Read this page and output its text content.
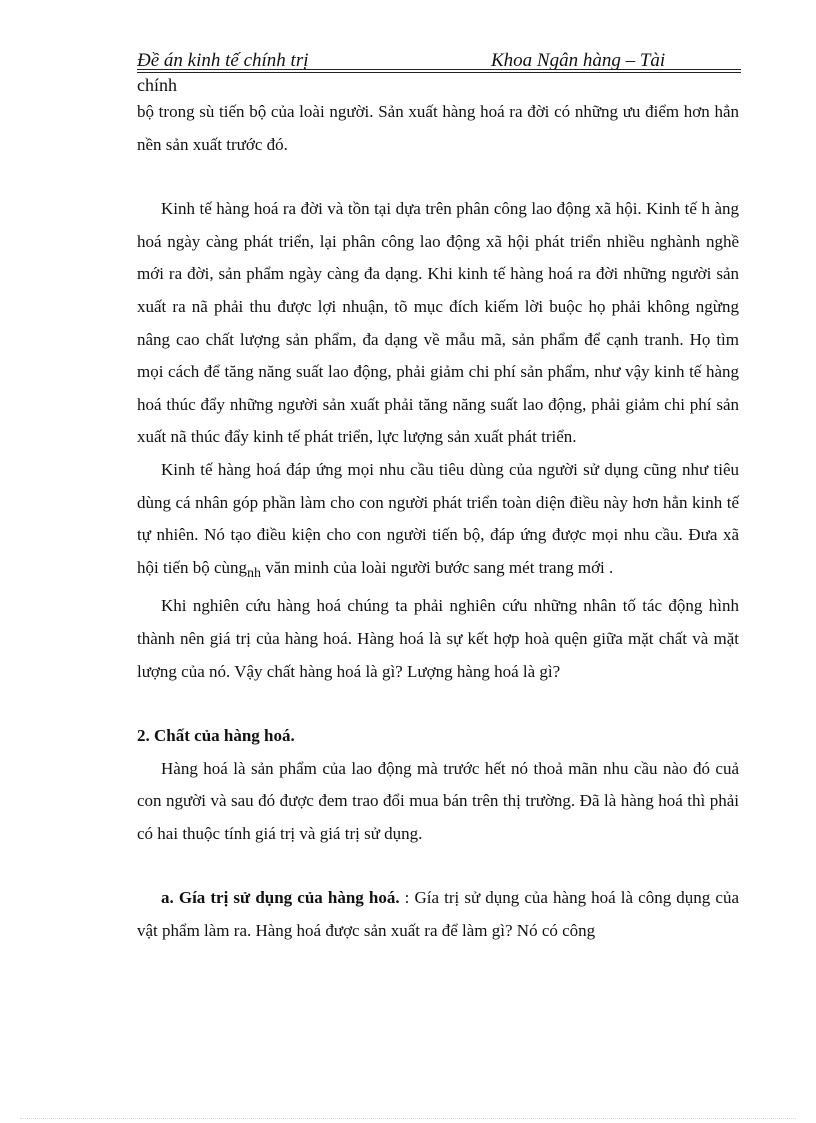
Đề án kinh tế chính trị	Khoa Ngân hàng – Tài
chính

bộ trong sù tiến bộ của loài người. Sản xuất hàng hoá ra đời có những ưu điểm hơn hẳn nền sản xuất trước đó.

Kinh tế hàng hoá ra đời và tồn tại dựa trên phân công lao động xã hội. Kinh tế h àng hoá ngày càng phát triển, lại phân công lao động xã hội phát triển nhiều nghành nghề mới ra đời, sản phẩm ngày càng đa dạng. Khi kinh tế hàng hoá ra đời những người sản xuất ra nã phải thu được lợi nhuận, tõ mục đích kiếm lời buộc họ phải không ngừng nâng cao chất lượng sản phẩm, đa dạng về mẫu mã, sản phẩm để cạnh tranh. Họ tìm mọi cách để tăng năng suất lao động, phải giảm chi phí sản phẩm, như vậy kinh tế hàng hoá thúc đẩy những người sản xuất phải tăng năng suất lao động, phải giảm chi phí sản xuất nã thúc đẩy kinh tế phát triển, lực lượng sản xuất phát triển.

Kinh tế hàng hoá đáp ứng mọi nhu cầu tiêu dùng của người sử dụng cũng như tiêu dùng cá nhân góp phần làm cho con người phát triển toàn diện điều này hơn hẳn kinh tế tự nhiên. Nó tạo điều kiện cho con người tiến bộ, đáp ứng được mọi nhu cầu. Đưa xã hội tiến bộ cùng$_{nh}$ văn minh của loài người bước sang mét trang mới .

Khi nghiên cứu hàng hoá chúng ta phải nghiên cứu những nhân tố tác động hình thành nên giá trị của hàng hoá. Hàng hoá là sự kết hợp hoà quện giữa mặt chất và mặt lượng của nó. Vậy chất hàng hoá là gì? Lượng hàng hoá là gì?

2. Chất của hàng hoá.

Hàng hoá là sản phẩm của lao động mà trước hết nó thoả mãn nhu cầu nào đó cuả con người và sau đó được đem trao đổi mua bán trên thị trường. Đã là hàng hoá thì phải có hai thuộc tính giá trị và giá trị sử dụng.

a. Gía trị sử dụng của hàng hoá. : Gía trị sử dụng của hàng hoá là công dụng của vật phẩm làm ra. Hàng hoá được sản xuất ra để làm gì? Nó có công
